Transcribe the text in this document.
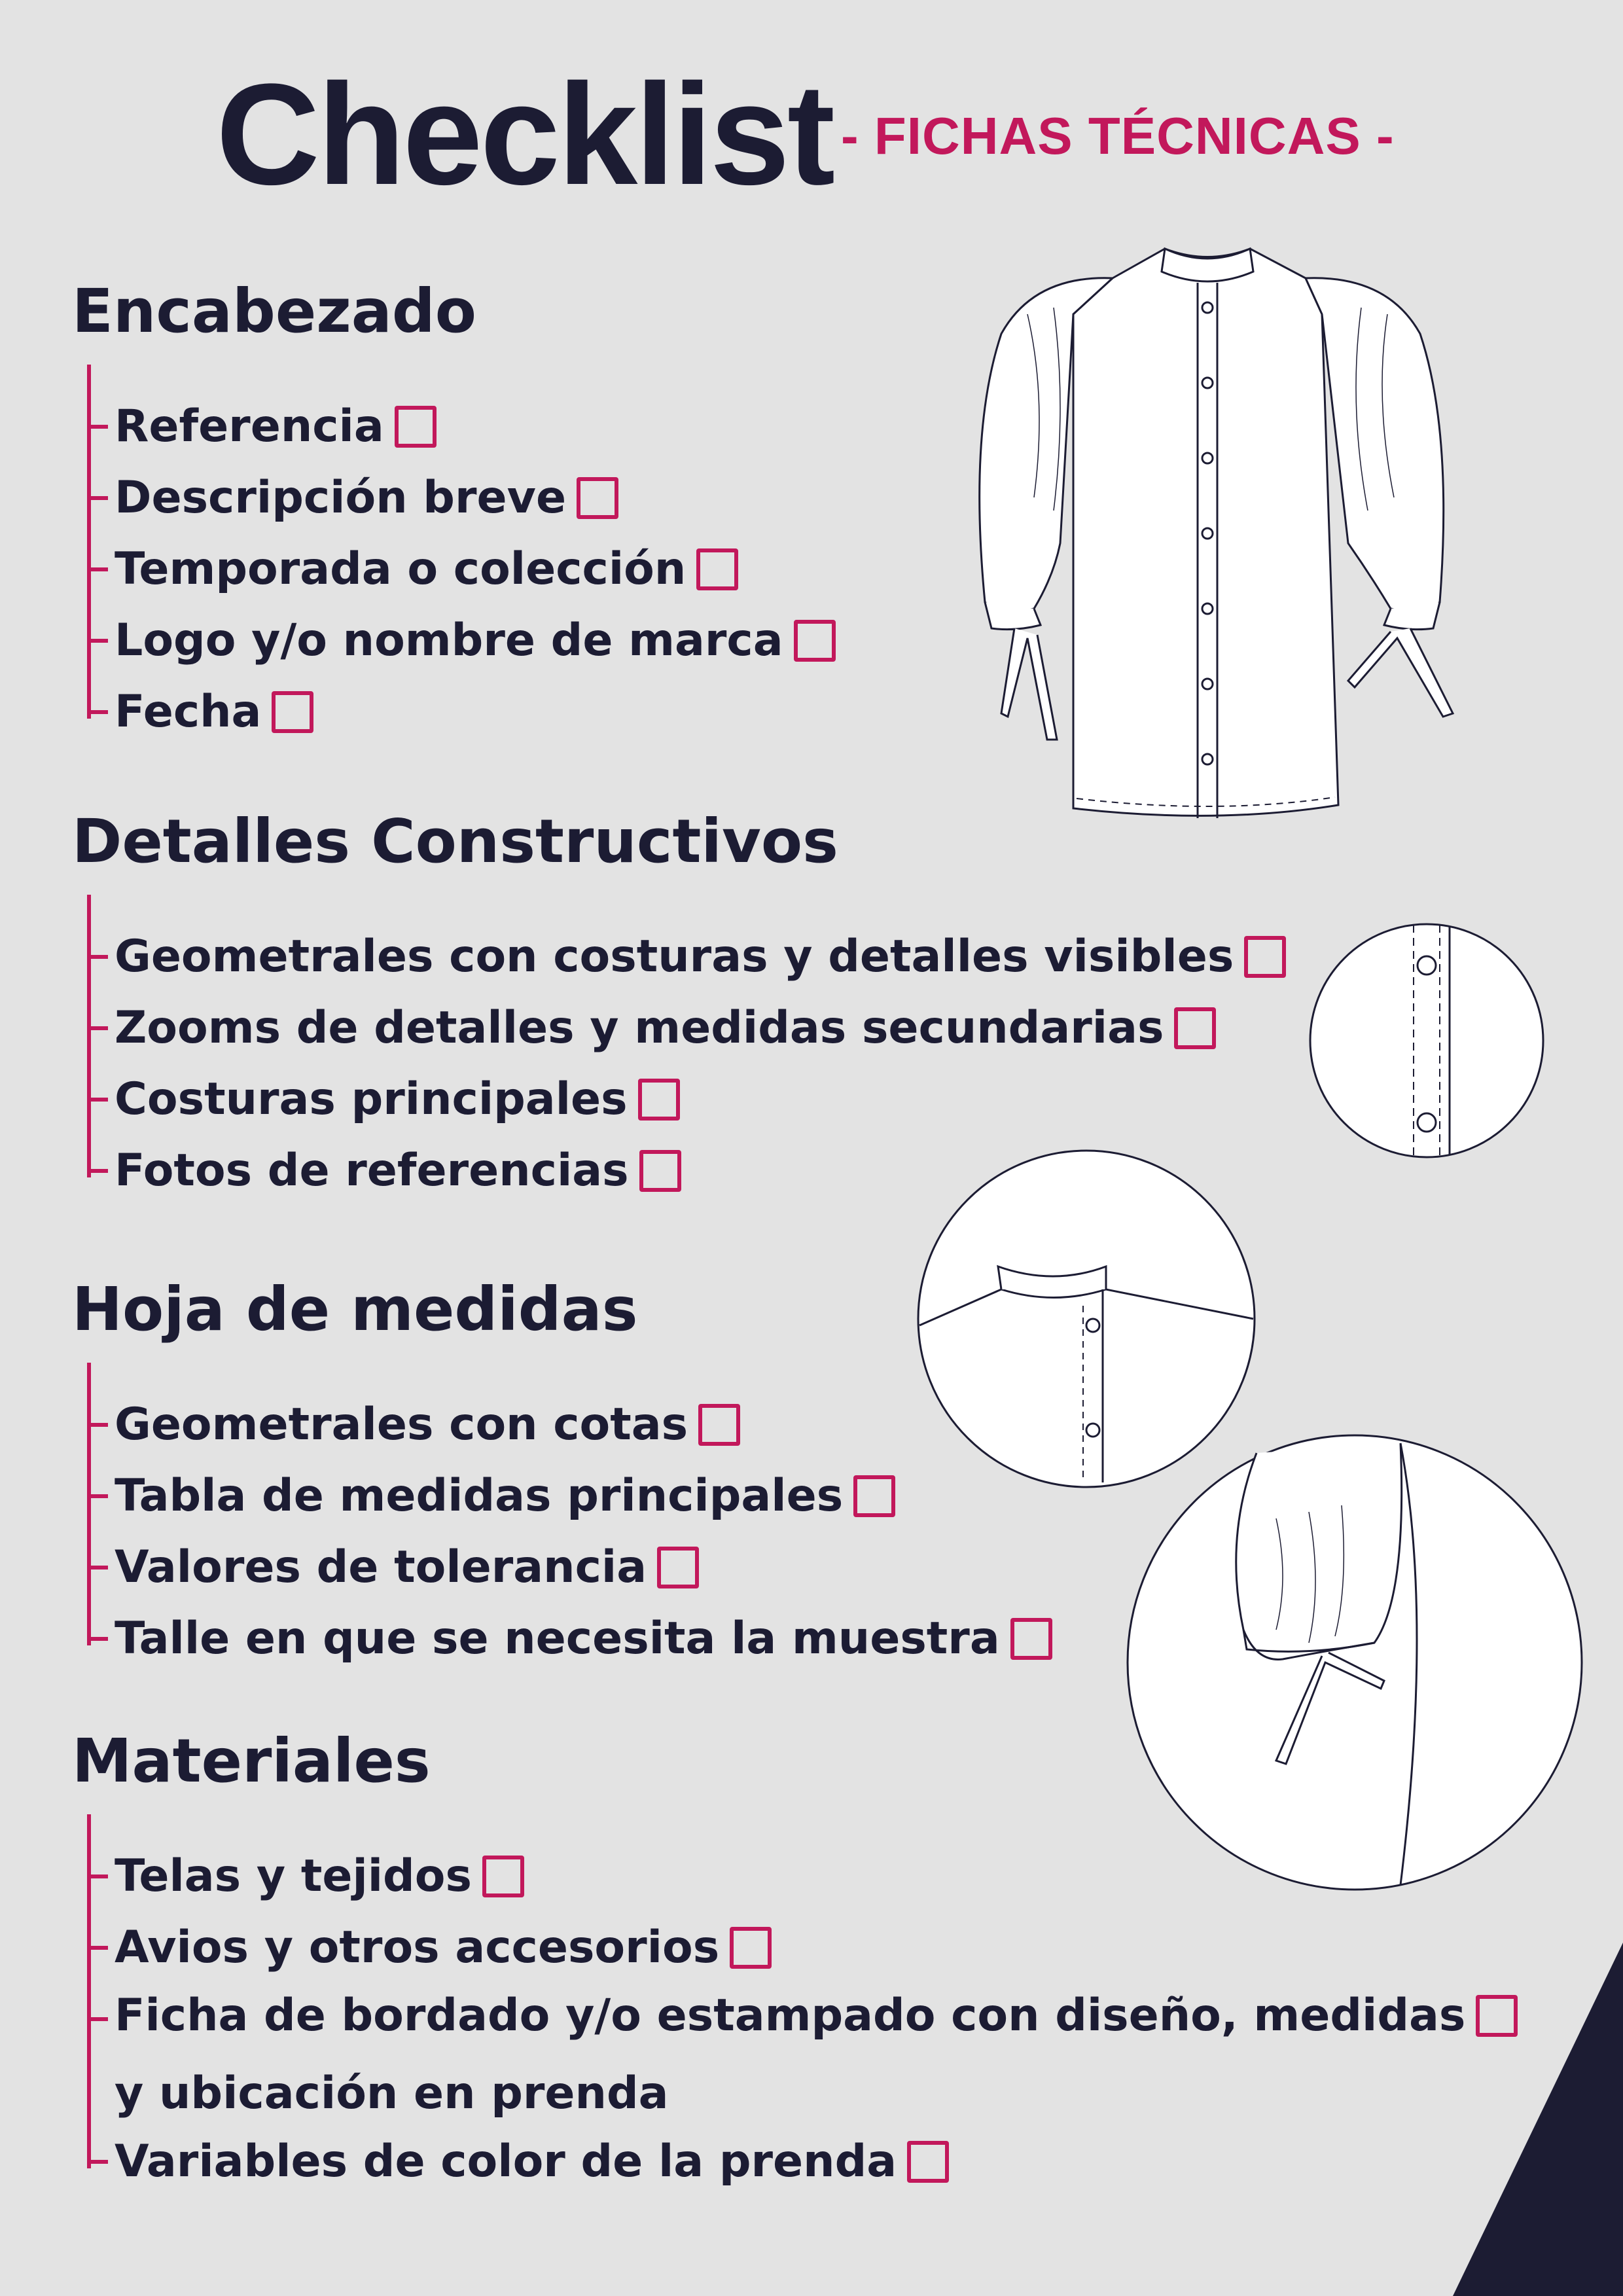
Checklist - FICHAS TÉCNICAS -
Encabezado
Referencia
Descripción breve
Temporada o colección
Logo y/o nombre de marca
Fecha
Detalles Constructivos
Geometrales con costuras y detalles visibles
Zooms de detalles y medidas secundarias
Costuras principales
Fotos de referencias
Hoja de medidas
Geometrales con cotas
Tabla de medidas principales
Valores de tolerancia
Talle en que se necesita la muestra
Materiales
Telas y tejidos
Avios y otros accesorios
Ficha de bordado y/o estampado con diseño, medidas
y ubicación en prenda
Variables de color de la prenda
